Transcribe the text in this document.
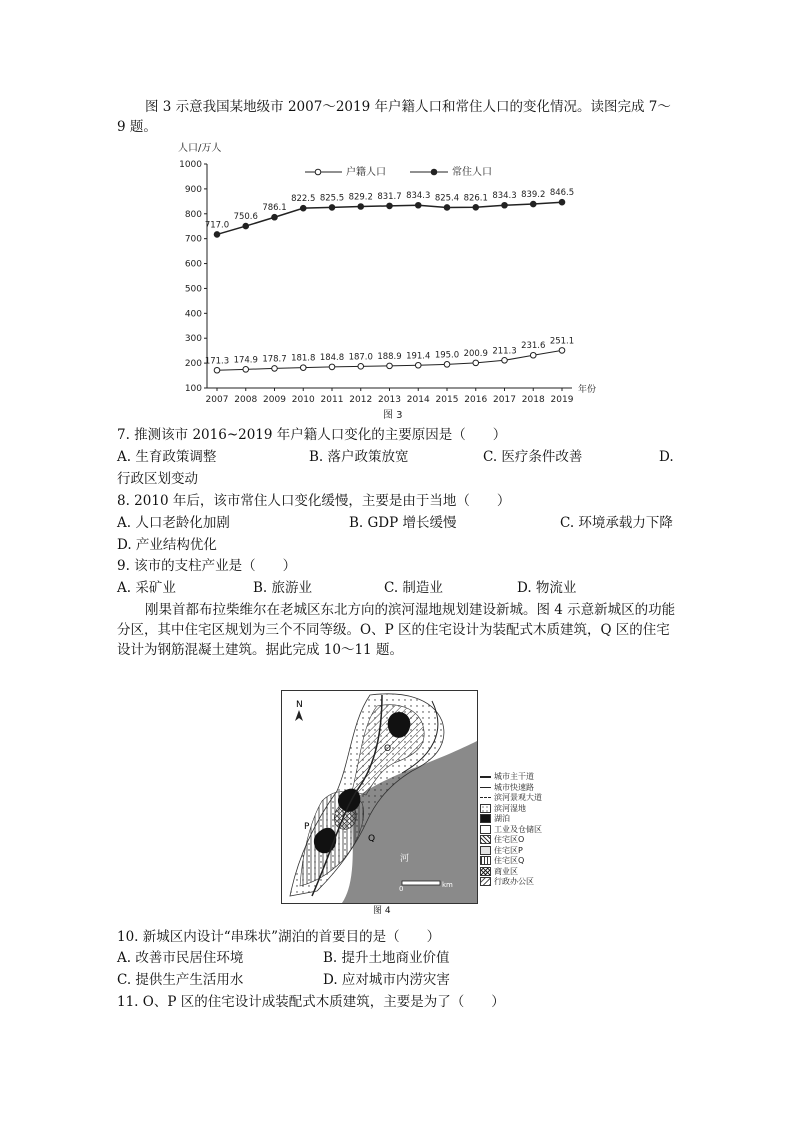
图 3 示意我国某地级市 2007～2019 年户籍人口和常住人口的变化情况。读图完成 7～9 题。
人口/万人
100
200
300
400
500
600
700
800
900
1000
2007 2008 2009 2010 2011 2012 2013 2014 2015 2016 2017 2018 2019
年份
户籍人口	常住人口
171.3 174.9 178.7 181.8 184.8 187.0 188.9 191.4 195.0 200.9 211.3
231.6 251.1
717.0
750.6
786.1
822.5 825.5 829.2 831.7 834.3 825.4 826.1 834.3 839.2 846.5
图 3
7. 推测该市 2016~2019 年户籍人口变化的主要原因是（　　）
A. 生育政策调整	B. 落户政策放宽	C. 医疗条件改善	D.
行政区划变动
8. 2010 年后，该市常住人口变化缓慢，主要是由于当地（　　）
A. 人口老龄化加剧	B. GDP 增长缓慢	C. 环境承载力下降
D. 产业结构优化
9. 该市的支柱产业是（　　）
A. 采矿业	B. 旅游业	C. 制造业	D. 物流业
刚果首都布拉柴维尔在老城区东北方向的滨河湿地规划建设新城。图 4 示意新城区的功能分区，其中住宅区规划为三个不同等级。O、P 区的住宅设计为装配式木质建筑，Q 区的住宅设计为钢筋混凝土建筑。据此完成 10～11 题。
N
O
P
Q
河
0	km
城市主干道
城市快速路
滨河景观大道
滨河湿地
湖泊
工业及仓储区
住宅区O
住宅区P
住宅区Q
商业区
行政办公区
图 4
10. 新城区内设计“串珠状”湖泊的首要目的是（　　）
A. 改善市民居住环境	B. 提升土地商业价值
C. 提供生产生活用水	D. 应对城市内涝灾害
11. O、P 区的住宅设计成装配式木质建筑，主要是为了（　　）
